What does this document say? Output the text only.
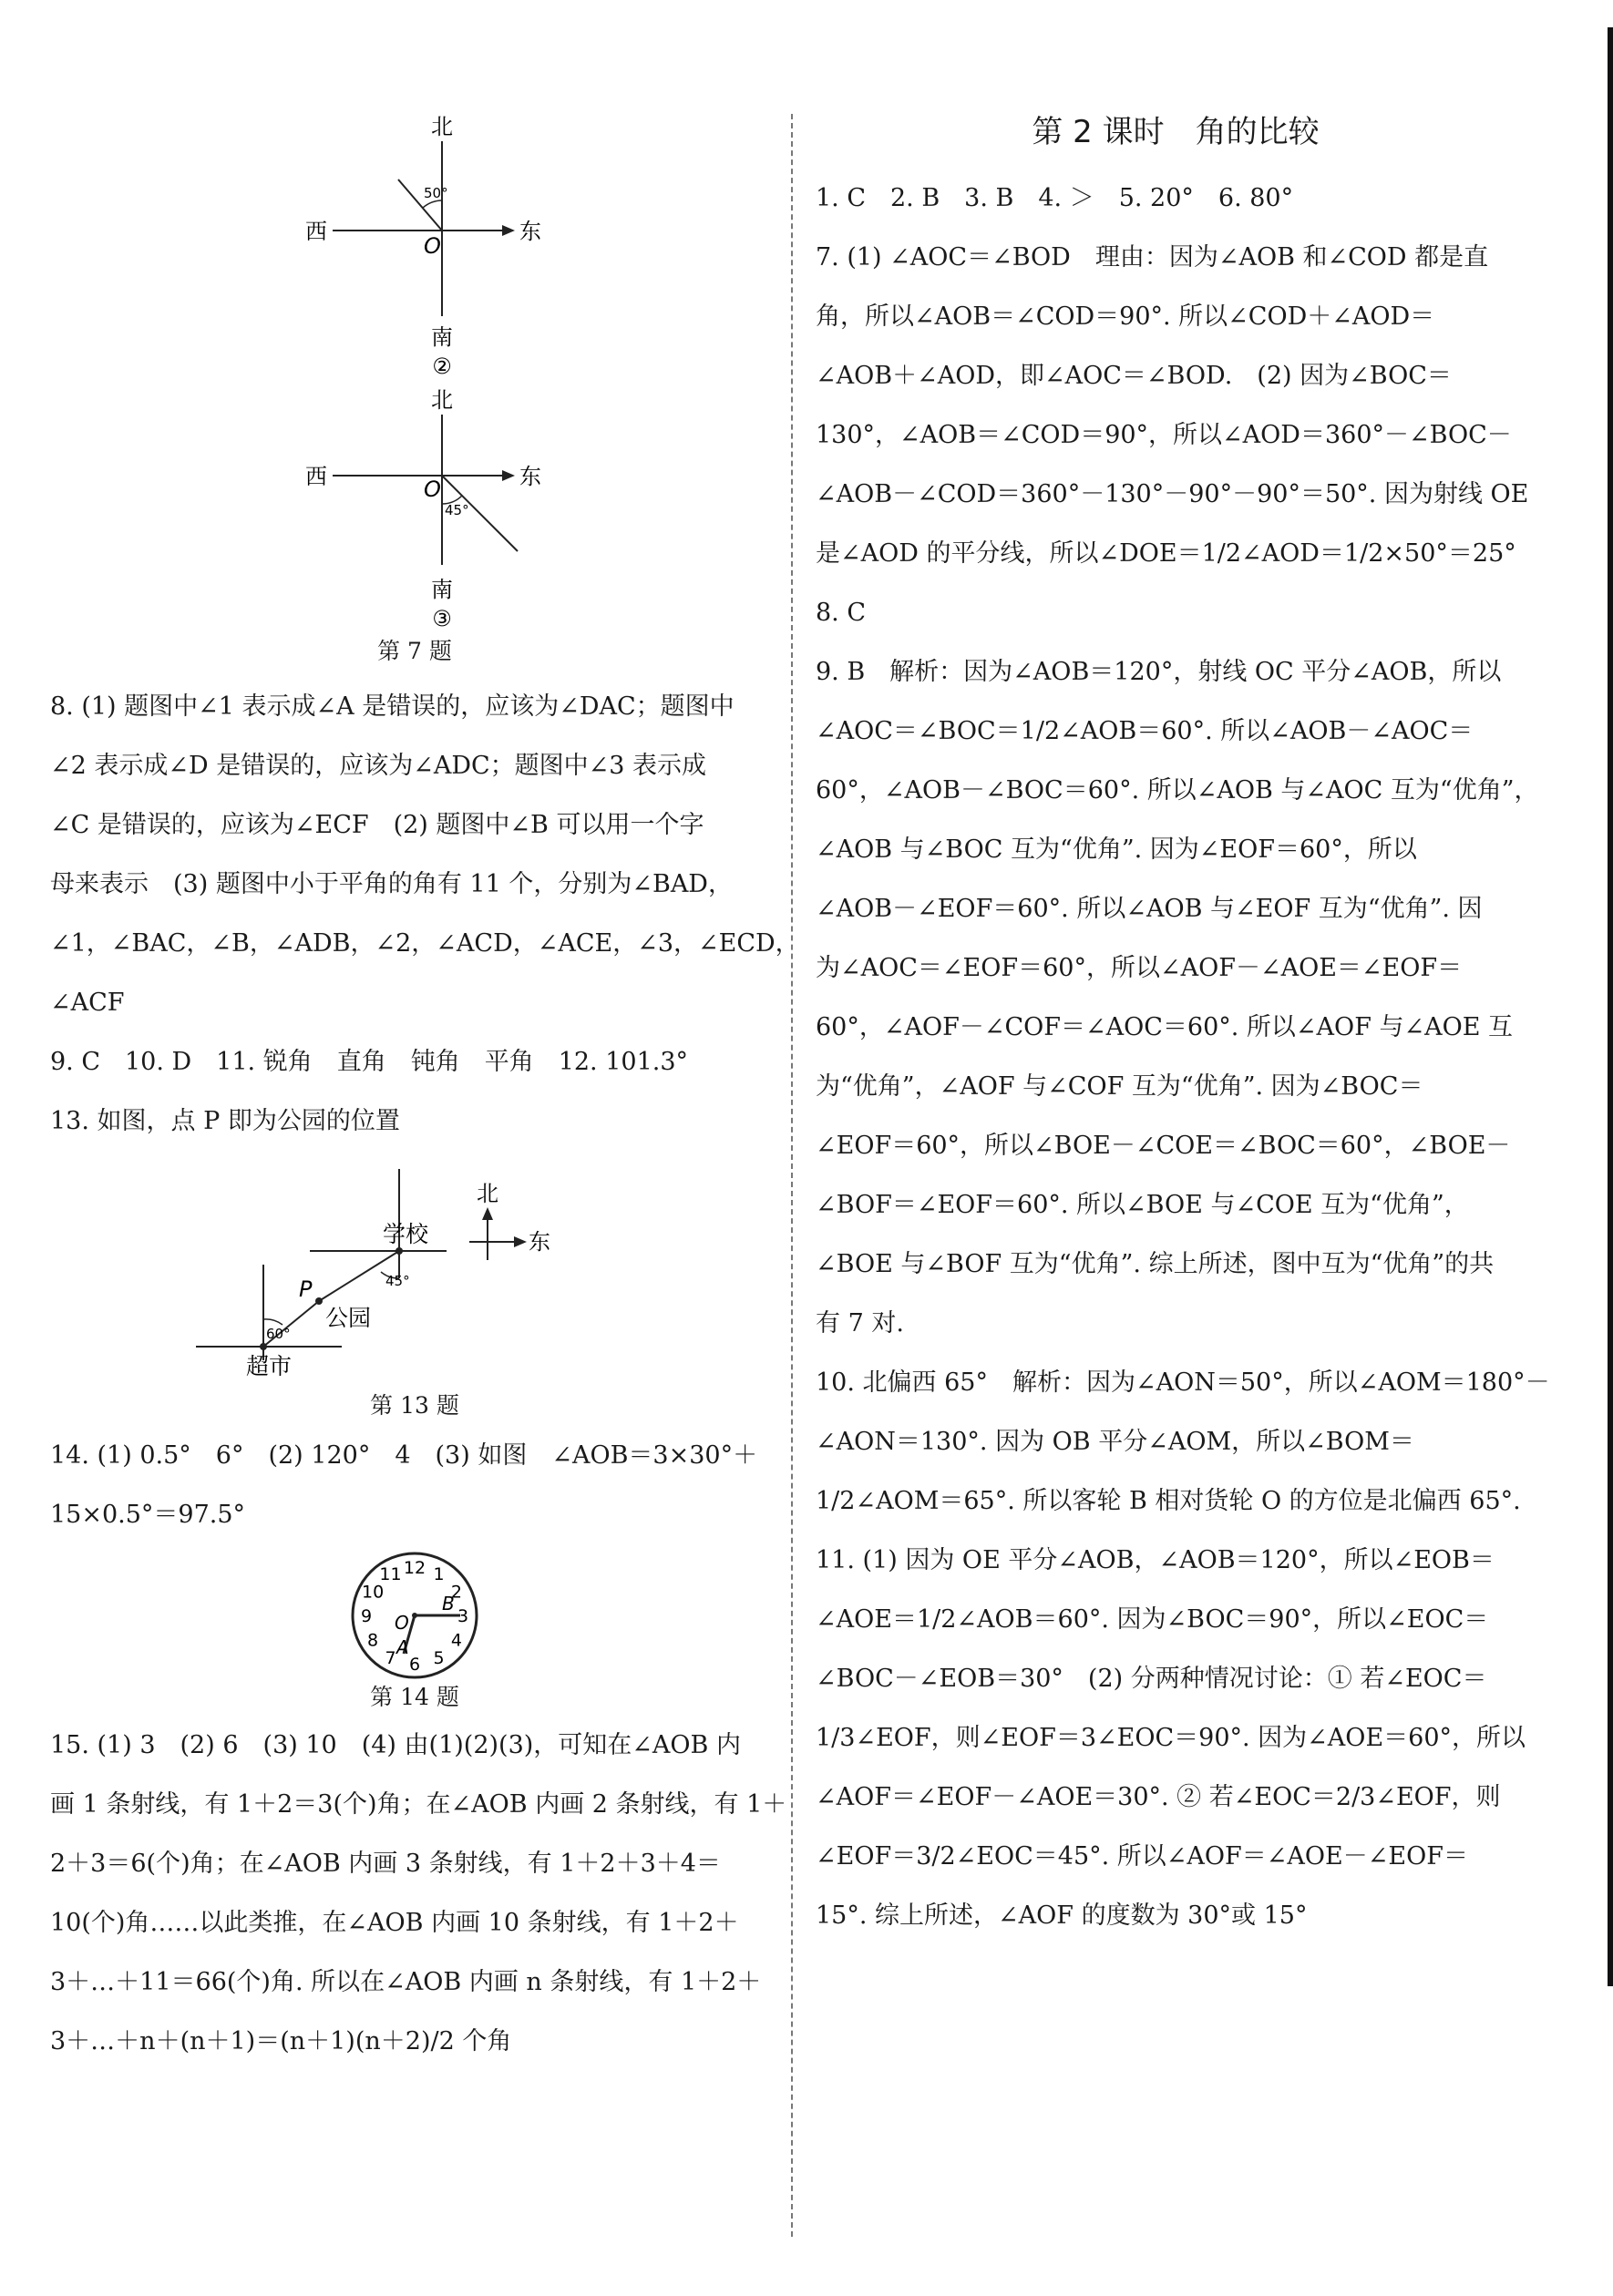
北
西	东
O
50°
南
②
北
西	东
O
45°
南
③
第 7 题

8. (1) 题图中∠1 表示成∠A 是错误的，应该为∠DAC；题图中

∠2 表示成∠D 是错误的，应该为∠ADC；题图中∠3 表示成

∠C 是错误的，应该为∠ECF　(2) 题图中∠B 可以用一个字

母来表示　(3) 题图中小于平角的角有 11 个，分别为∠BAD，

∠1，∠BAC，∠B，∠ADB，∠2，∠ACD，∠ACE，∠3，∠ECD，

∠ACF

9. C　10. D　11. 锐角　直角　钝角　平角　12. 101.3°

13. 如图，点 P 即为公园的位置

学校
45°
P
公园
60°
超市
北
东
第 13 题

14. (1) 0.5°　6°　(2) 120°　4　(3) 如图　∠AOB＝3×30°＋

15×0.5°＝97.5°

12 1
2
3
4
5
6
7
8
9
10
11
O
A
B
第 14 题

15. (1) 3　(2) 6　(3) 10　(4) 由(1)(2)(3)，可知在∠AOB 内

画 1 条射线，有 1＋2＝3(个)角；在∠AOB 内画 2 条射线，有 1＋

2＋3＝6(个)角；在∠AOB 内画 3 条射线，有 1＋2＋3＋4＝

10(个)角……以此类推，在∠AOB 内画 10 条射线，有 1＋2＋

3＋…＋11＝66(个)角. 所以在∠AOB 内画 n 条射线，有 1＋2＋

3＋…＋n＋(n＋1)＝(n＋1)(n＋2)/2 个角

第 2 课时　角的比较

1. C　2. B　3. B　4. ＞　5. 20°　6. 80°

7. (1) ∠AOC＝∠BOD　理由：因为∠AOB 和∠COD 都是直

角，所以∠AOB＝∠COD＝90°. 所以∠COD＋∠AOD＝

∠AOB＋∠AOD，即∠AOC＝∠BOD.　(2) 因为∠BOC＝

130°，∠AOB＝∠COD＝90°，所以∠AOD＝360°－∠BOC－

∠AOB－∠COD＝360°－130°－90°－90°＝50°. 因为射线 OE

是∠AOD 的平分线，所以∠DOE＝1/2∠AOD＝1/2×50°＝25°

8. C

9. B　解析：因为∠AOB＝120°，射线 OC 平分∠AOB，所以

∠AOC＝∠BOC＝1/2∠AOB＝60°. 所以∠AOB－∠AOC＝

60°，∠AOB－∠BOC＝60°. 所以∠AOB 与∠AOC 互为“优角”，

∠AOB 与∠BOC 互为“优角”. 因为∠EOF＝60°，所以

∠AOB－∠EOF＝60°. 所以∠AOB 与∠EOF 互为“优角”. 因

为∠AOC＝∠EOF＝60°，所以∠AOF－∠AOE＝∠EOF＝

60°，∠AOF－∠COF＝∠AOC＝60°. 所以∠AOF 与∠AOE 互

为“优角”，∠AOF 与∠COF 互为“优角”. 因为∠BOC＝

∠EOF＝60°，所以∠BOE－∠COE＝∠BOC＝60°，∠BOE－

∠BOF＝∠EOF＝60°. 所以∠BOE 与∠COE 互为“优角”，

∠BOE 与∠BOF 互为“优角”. 综上所述，图中互为“优角”的共

有 7 对.

10. 北偏西 65°　解析：因为∠AON＝50°，所以∠AOM＝180°－

∠AON＝130°. 因为 OB 平分∠AOM，所以∠BOM＝

1/2∠AOM＝65°. 所以客轮 B 相对货轮 O 的方位是北偏西 65°.

11. (1) 因为 OE 平分∠AOB，∠AOB＝120°，所以∠EOB＝

∠AOE＝1/2∠AOB＝60°. 因为∠BOC＝90°，所以∠EOC＝

∠BOC－∠EOB＝30°　(2) 分两种情况讨论：① 若∠EOC＝

1/3∠EOF，则∠EOF＝3∠EOC＝90°. 因为∠AOE＝60°，所以

∠AOF＝∠EOF－∠AOE＝30°. ② 若∠EOC＝2/3∠EOF，则

∠EOF＝3/2∠EOC＝45°. 所以∠AOF＝∠AOE－∠EOF＝

15°. 综上所述，∠AOF 的度数为 30°或 15°
